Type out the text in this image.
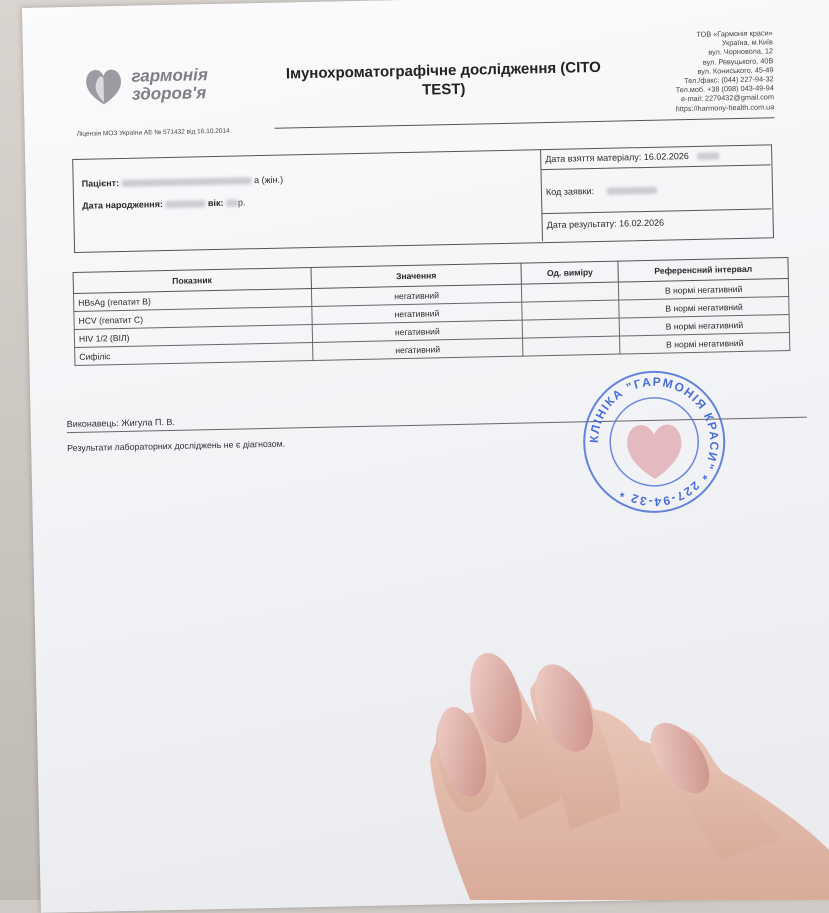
гармонія
здоров'я
Імунохроматографічне дослідження (CITO TEST)
ТОВ «Гармонія краси»
Україна, м.Київ
вул. Чорновола, 12
вул. Ревуцького, 40В
вул. Кониського, 45-49
Тел./факс: (044) 227-94-32
Тел.моб. +38 (098) 043-49-94
e-mail: 2279432@gmail.com
https://harmony-health.com.ua
Ліцензія МОЗ України АЕ № 571432 від 16.10.2014
Пацієнт:	а (жін.)
Дата народження:	вік: р.
Дата взяття матеріалу: 16.02.2026
Код заявки:
Дата результату: 16.02.2026
Показник	Значення	Од. виміру	Референсний інтервал
HBsAg (гепатит В)	негативний		В нормі негативний
HCV (гепатит С)	негативний		В нормі негативний
HIV 1/2 (ВІЛ)	негативний		В нормі негативний
Сифіліс	негативний		В нормі негативний
Виконавець: Жигула П. В.
Результати лабораторних досліджень не є діагнозом.
КЛІНІКА "ГАРМОНІЯ КРАСИ" * 227-94-32 *
